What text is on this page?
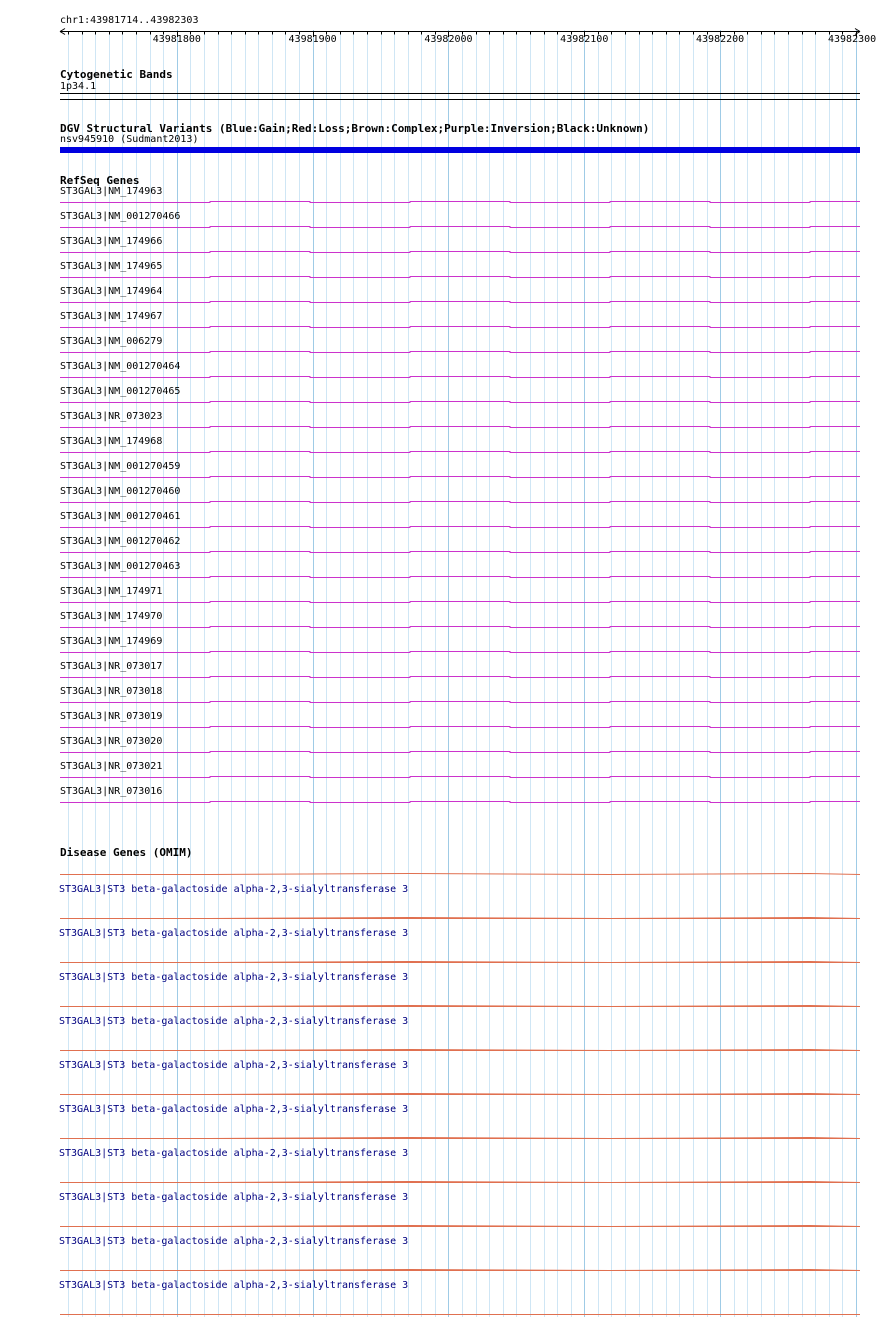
chr1:43981714..43982303
43981800	43981900	43982000	43982100	43982200	43982300
Cytogenetic Bands
1p34.1
DGV Structural Variants (Blue:Gain;Red:Loss;Brown:Complex;Purple:Inversion;Black:Unknown)
nsv945910 (Sudmant2013)
RefSeq Genes
ST3GAL3|NM_174963
ST3GAL3|NM_001270466
ST3GAL3|NM_174966
ST3GAL3|NM_174965
ST3GAL3|NM_174964
ST3GAL3|NM_174967
ST3GAL3|NM_006279
ST3GAL3|NM_001270464
ST3GAL3|NM_001270465
ST3GAL3|NR_073023
ST3GAL3|NM_174968
ST3GAL3|NM_001270459
ST3GAL3|NM_001270460
ST3GAL3|NM_001270461
ST3GAL3|NM_001270462
ST3GAL3|NM_001270463
ST3GAL3|NM_174971
ST3GAL3|NM_174970
ST3GAL3|NM_174969
ST3GAL3|NR_073017
ST3GAL3|NR_073018
ST3GAL3|NR_073019
ST3GAL3|NR_073020
ST3GAL3|NR_073021
ST3GAL3|NR_073016
Disease Genes (OMIM)
ST3GAL3|ST3 beta-galactoside alpha-2,3-sialyltransferase 3
ST3GAL3|ST3 beta-galactoside alpha-2,3-sialyltransferase 3
ST3GAL3|ST3 beta-galactoside alpha-2,3-sialyltransferase 3
ST3GAL3|ST3 beta-galactoside alpha-2,3-sialyltransferase 3
ST3GAL3|ST3 beta-galactoside alpha-2,3-sialyltransferase 3
ST3GAL3|ST3 beta-galactoside alpha-2,3-sialyltransferase 3
ST3GAL3|ST3 beta-galactoside alpha-2,3-sialyltransferase 3
ST3GAL3|ST3 beta-galactoside alpha-2,3-sialyltransferase 3
ST3GAL3|ST3 beta-galactoside alpha-2,3-sialyltransferase 3
ST3GAL3|ST3 beta-galactoside alpha-2,3-sialyltransferase 3
